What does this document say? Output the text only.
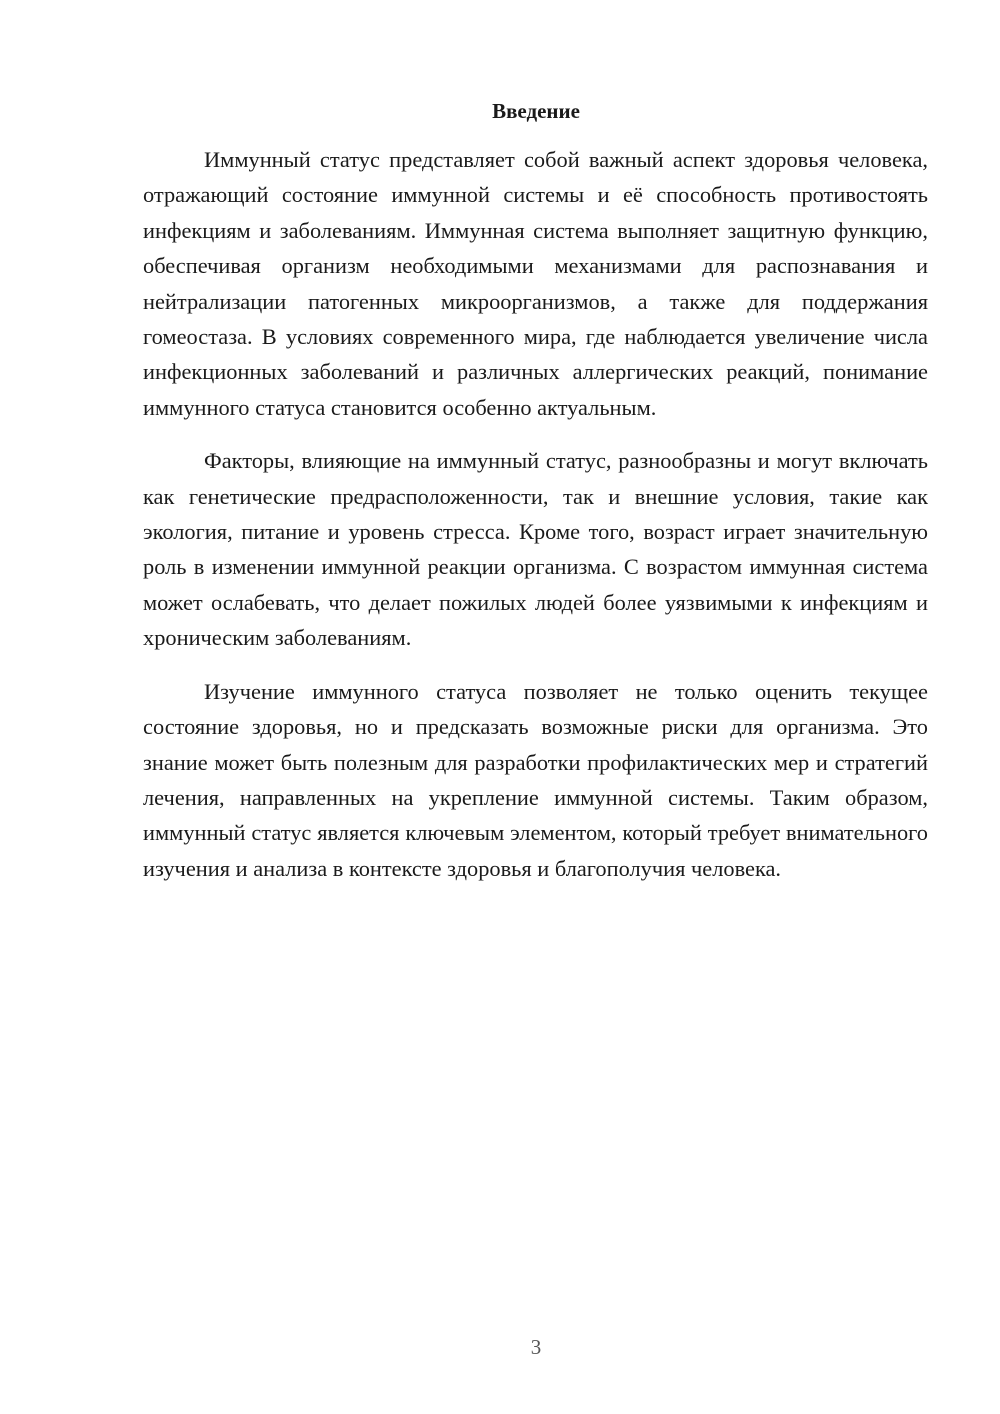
Введение

Иммунный статус представляет собой важный аспект здоровья человека, отражающий состояние иммунной системы и её способность противостоять инфекциям и заболеваниям. Иммунная система выполняет защитную функцию, обеспечивая организм необходимыми механизмами для распознавания и нейтрализации патогенных микроорганизмов, а также для поддержания гомеостаза. В условиях современного мира, где наблюдается увеличение числа инфекционных заболеваний и различных аллергических реакций, понимание иммунного статуса становится особенно актуальным.

Факторы, влияющие на иммунный статус, разнообразны и могут включать как генетические предрасположенности, так и внешние условия, такие как экология, питание и уровень стресса. Кроме того, возраст играет значительную роль в изменении иммунной реакции организма. С возрастом иммунная система может ослабевать, что делает пожилых людей более уязвимыми к инфекциям и хроническим заболеваниям.

Изучение иммунного статуса позволяет не только оценить текущее состояние здоровья, но и предсказать возможные риски для организма. Это знание может быть полезным для разработки профилактических мер и стратегий лечения, направленных на укрепление иммунной системы. Таким образом, иммунный статус является ключевым элементом, который требует внимательного изучения и анализа в контексте здоровья и благополучия человека.

3
